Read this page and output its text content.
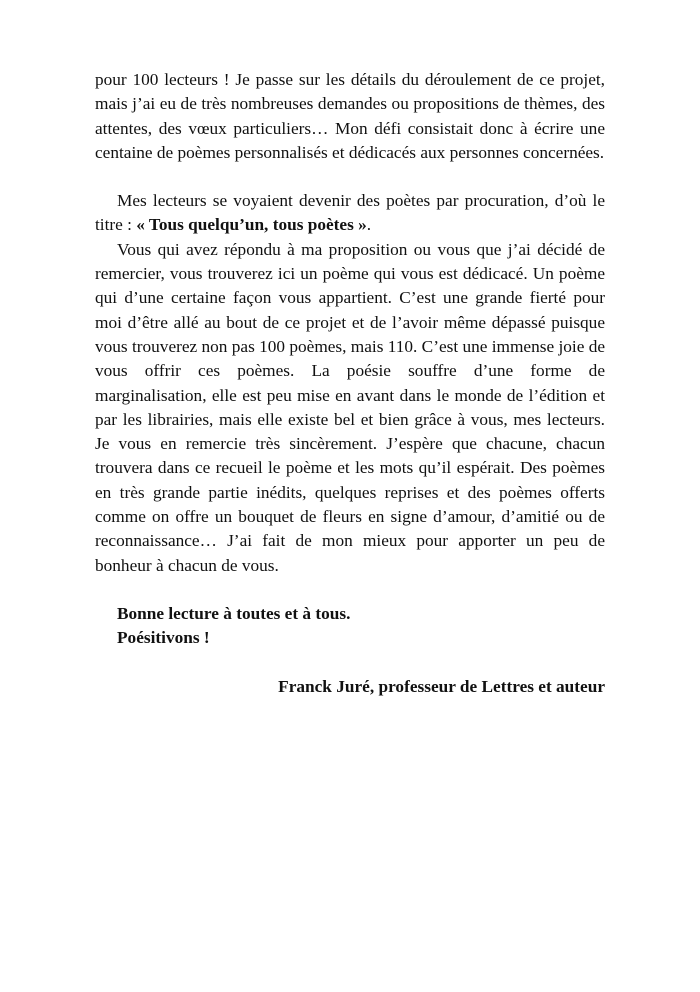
pour 100 lecteurs ! Je passe sur les détails du déroulement de ce projet, mais j’ai eu de très nombreuses demandes ou propositions de thèmes, des attentes, des vœux particuliers… Mon défi consistait donc à écrire une centaine de poèmes personnalisés et dédicacés aux personnes concernées.

Mes lecteurs se voyaient devenir des poètes par procuration, d’où le titre : « Tous quelqu’un, tous poètes ».

Vous qui avez répondu à ma proposition ou vous que j’ai décidé de remercier, vous trouverez ici un poème qui vous est dédicacé. Un poème qui d’une certaine façon vous appartient. C’est une grande fierté pour moi d’être allé au bout de ce projet et de l’avoir même dépassé puisque vous trouverez non pas 100 poèmes, mais 110. C’est une immense joie de vous offrir ces poèmes. La poésie souffre d’une forme de marginalisation, elle est peu mise en avant dans le monde de l’édition et par les librairies, mais elle existe bel et bien grâce à vous, mes lecteurs. Je vous en remercie très sincèrement. J’espère que chacune, chacun trouvera dans ce recueil le poème et les mots qu’il espérait. Des poèmes en très grande partie inédits, quelques reprises et des poèmes offerts comme on offre un bouquet de fleurs en signe d’amour, d’amitié ou de reconnaissance… J’ai fait de mon mieux pour apporter un peu de bonheur à chacun de vous.

Bonne lecture à toutes et à tous.
Poésitivons !

Franck Juré, professeur de Lettres et auteur
